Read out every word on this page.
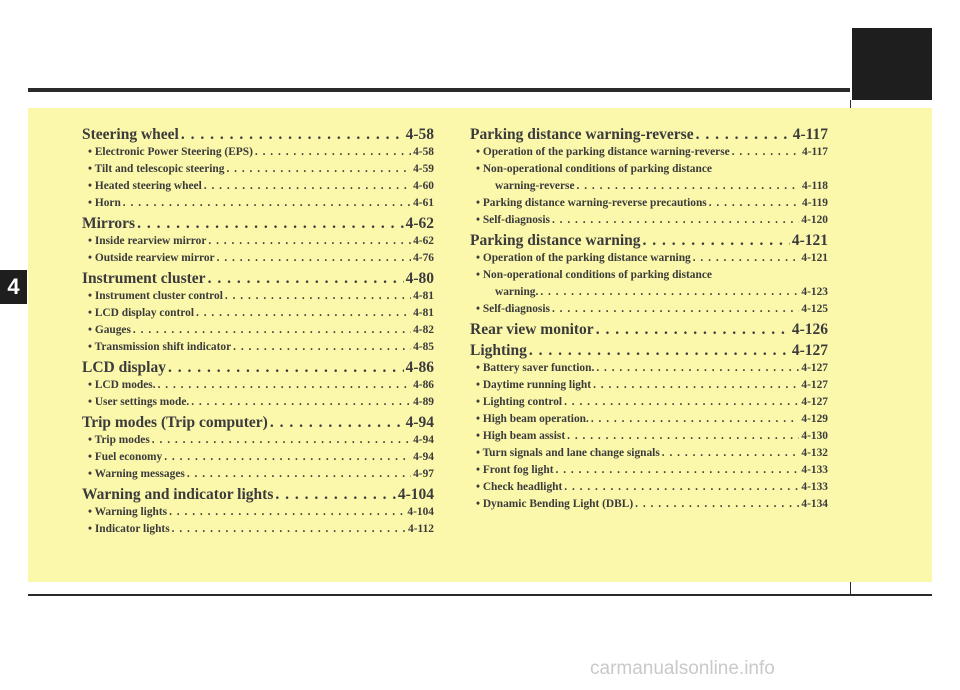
4
Steering wheel . . .	4-58
• Electronic Power Steering (EPS) . . .	4-58
• Tilt and telescopic steering . . .	4-59
• Heated steering wheel . . .	4-60
• Horn . . .	4-61
Mirrors . . .	4-62
• Inside rearview mirror . . .	4-62
• Outside rearview mirror . . .	4-76
Instrument cluster . . .	4-80
• Instrument cluster control . . .	4-81
• LCD display control . . .	4-81
• Gauges . . .	4-82
• Transmission shift indicator . . .	4-85
LCD display . . .	4-86
• LCD modes. . . .	4-86
• User settings mode. . . .	4-89
Trip modes (Trip computer) . . .	4-94
• Trip modes . . .	4-94
• Fuel economy . . .	4-94
• Warning messages . . .	4-97
Warning and indicator lights . . .	4-104
• Warning lights . . .	4-104
• Indicator lights . . .	4-112
Parking distance warning-reverse . . .	4-117
• Operation of the parking distance warning-reverse . . .	4-117
• Non-operational conditions of parking distance
warning-reverse . . .	4-118
• Parking distance warning-reverse precautions . . .	4-119
• Self-diagnosis . . .	4-120
Parking distance warning . . .	4-121
• Operation of the parking distance warning . . .	4-121
• Non-operational conditions of parking distance
warning. . . .	4-123
• Self-diagnosis . . .	4-125
Rear view monitor . . .	4-126
Lighting . . .	4-127
• Battery saver function. . . .	4-127
• Daytime running light . . .	4-127
• Lighting control . . .	4-127
• High beam operation. . . .	4-129
• High beam assist . . .	4-130
• Turn signals and lane change signals . . .	4-132
• Front fog light . . .	4-133
• Check headlight . . .	4-133
• Dynamic Bending Light (DBL) . . .	4-134
carmanualsonline.info
